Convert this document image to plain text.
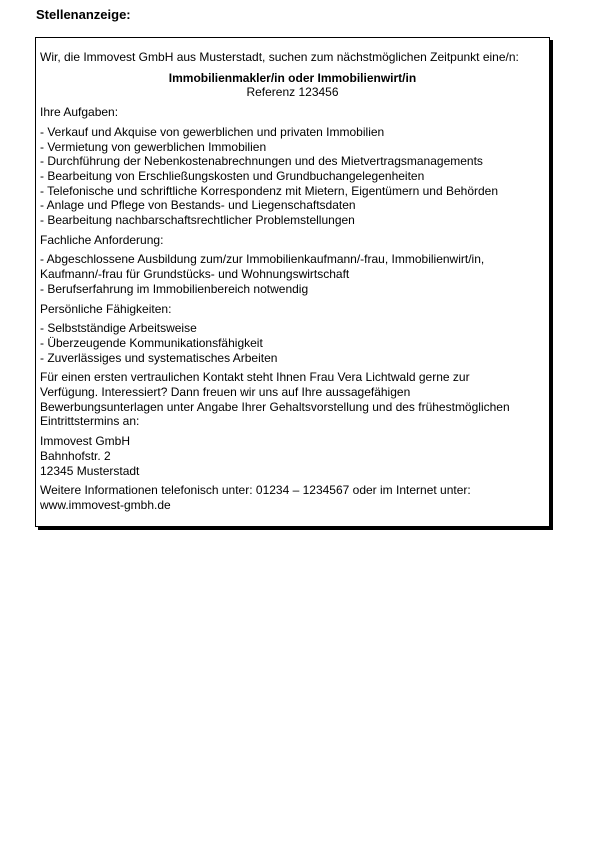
Stellenanzeige:

Wir, die Immovest GmbH aus Musterstadt, suchen zum nächstmöglichen Zeitpunkt eine/n:

Immobilienmakler/in oder Immobilienwirt/in
Referenz 123456
Ihre Aufgaben:
- Verkauf und Akquise von gewerblichen und privaten Immobilien
- Vermietung von gewerblichen Immobilien
- Durchführung der Nebenkostenabrechnungen und des Mietvertragsmanagements
- Bearbeitung von Erschließungskosten und Grundbuchangelegenheiten
- Telefonische und schriftliche Korrespondenz mit Mietern, Eigentümern und Behörden
- Anlage und Pflege von Bestands- und Liegenschaftsdaten
- Bearbeitung nachbarschaftsrechtlicher Problemstellungen
Fachliche Anforderung:
- Abgeschlossene Ausbildung zum/zur Immobilienkaufmann/-frau, Immobilienwirt/in,
Kaufmann/-frau für Grundstücks- und Wohnungswirtschaft
- Berufserfahrung im Immobilienbereich notwendig
Persönliche Fähigkeiten:
- Selbstständige Arbeitsweise
- Überzeugende Kommunikationsfähigkeit
- Zuverlässiges und systematisches Arbeiten
Für einen ersten vertraulichen Kontakt steht Ihnen Frau Vera Lichtwald gerne zur
Verfügung. Interessiert? Dann freuen wir uns auf Ihre aussagefähigen
Bewerbungsunterlagen unter Angabe Ihrer Gehaltsvorstellung und des frühestmöglichen
Eintrittstermins an:
Immovest GmbH
Bahnhofstr. 2
12345 Musterstadt
Weitere Informationen telefonisch unter: 01234 – 1234567 oder im Internet unter:
www.immovest-gmbh.de
